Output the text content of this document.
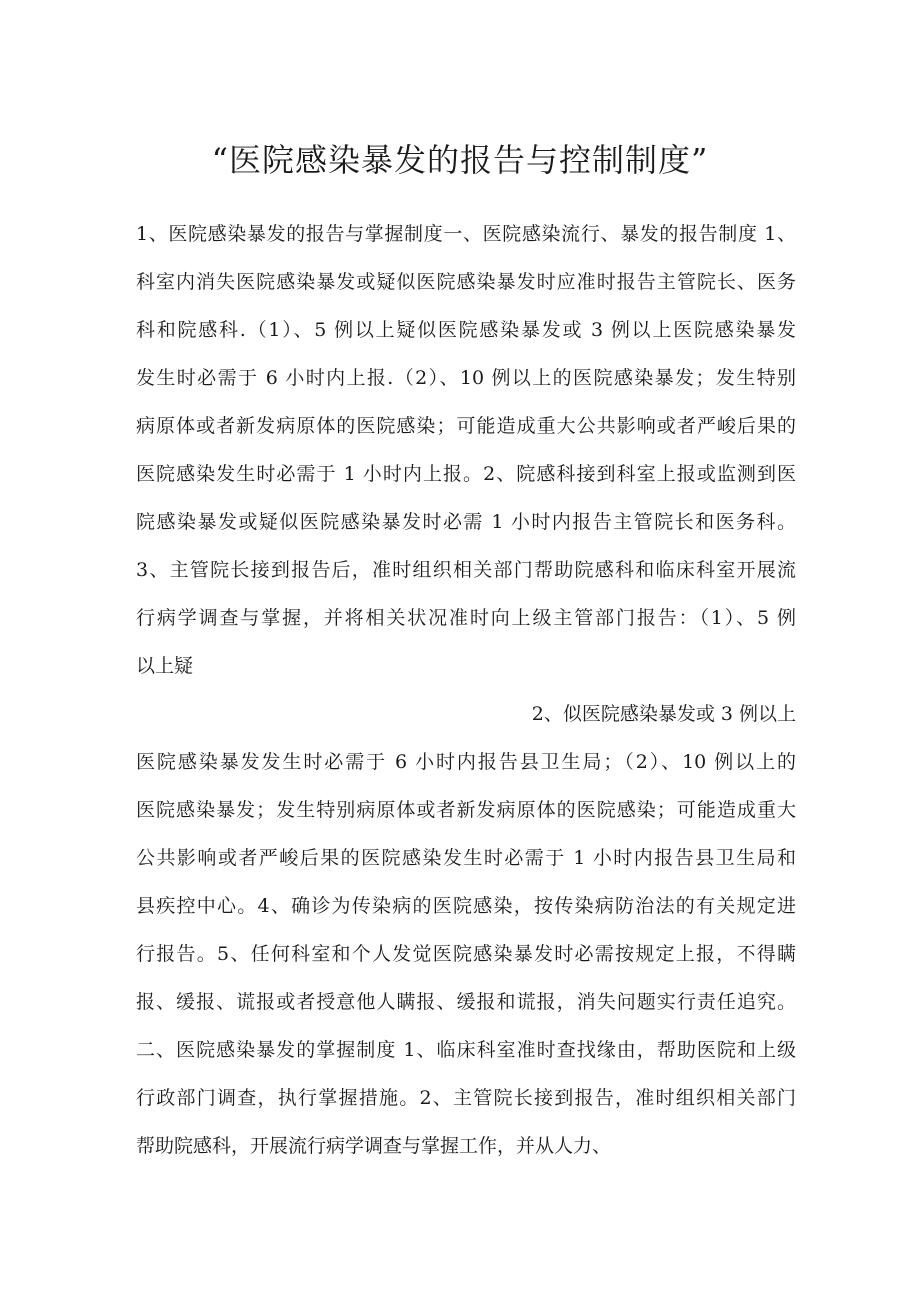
“医院感染暴发的报告与控制制度”
1、医院感染暴发的报告与掌握制度一、医院感染流行、暴发的报告制度 1、
科室内消失医院感染暴发或疑似医院感染暴发时应准时报告主管院长、医务
科和院感科.（1）、5 例以上疑似医院感染暴发或 3 例以上医院感染暴发
发生时必需于 6 小时内上报.（2）、10 例以上的医院感染暴发；发生特别
病原体或者新发病原体的医院感染；可能造成重大公共影响或者严峻后果的
医院感染发生时必需于 1 小时内上报。2、院感科接到科室上报或监测到医
院感染暴发或疑似医院感染暴发时必需 1 小时内报告主管院长和医务科。
3、主管院长接到报告后，准时组织相关部门帮助院感科和临床科室开展流
行病学调查与掌握，并将相关状况准时向上级主管部门报告：（1）、5 例
以上疑
2、似医院感染暴发或 3 例以上
医院感染暴发发生时必需于 6 小时内报告县卫生局；（2）、10 例以上的
医院感染暴发；发生特别病原体或者新发病原体的医院感染；可能造成重大
公共影响或者严峻后果的医院感染发生时必需于 1 小时内报告县卫生局和
县疾控中心。4、确诊为传染病的医院感染，按传染病防治法的有关规定进
行报告。5、任何科室和个人发觉医院感染暴发时必需按规定上报，不得瞒
报、缓报、谎报或者授意他人瞒报、缓报和谎报，消失问题实行责任追究。
二、医院感染暴发的掌握制度 1、临床科室准时查找缘由，帮助医院和上级
行政部门调查，执行掌握措施。2、主管院长接到报告，准时组织相关部门
帮助院感科，开展流行病学调查与掌握工作，并从人力、
